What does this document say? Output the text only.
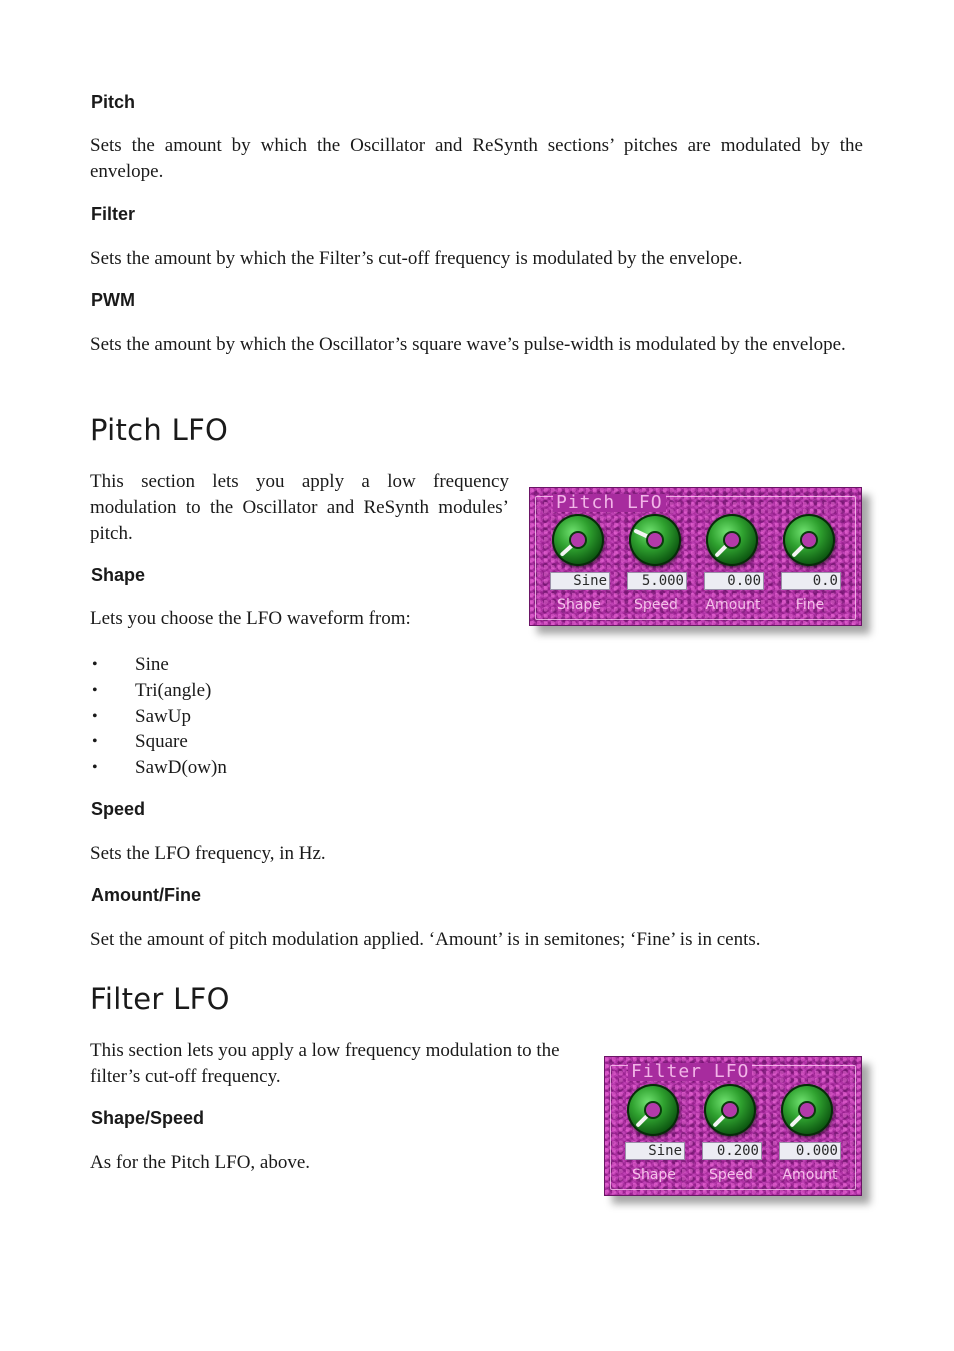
Pitch

Sets the amount by which the Oscillator and ReSynth sections’ pitches are modulated by the envelope.

Filter

Sets the amount by which the Filter’s cut-off frequency is modulated by the envelope.

PWM

Sets the amount by which the Oscillator’s square wave’s pulse-width is modulated by the envelope.

Pitch LFO

This section lets you apply a low frequency modulation to the Oscillator and ReSynth modules’ pitch.

Shape

Lets you choose the LFO waveform from:

• Sine
• Tri(angle)
• SawUp
• Square
• SawD(ow)n
Speed

Sets the LFO frequency, in Hz.

Amount/Fine

Set the amount of pitch modulation applied. ‘Amount’ is in semitones; ‘Fine’ is in cents.

Pitch LFO
Sine	5.000	0.00	0.0
Shape	Speed	Amount	Fine
Filter LFO

This section lets you apply a low frequency modulation to the filter’s cut-off frequency.

Shape/Speed

As for the Pitch LFO, above.

Filter LFO
Sine	0.200	0.000
Shape	Speed	Amount
